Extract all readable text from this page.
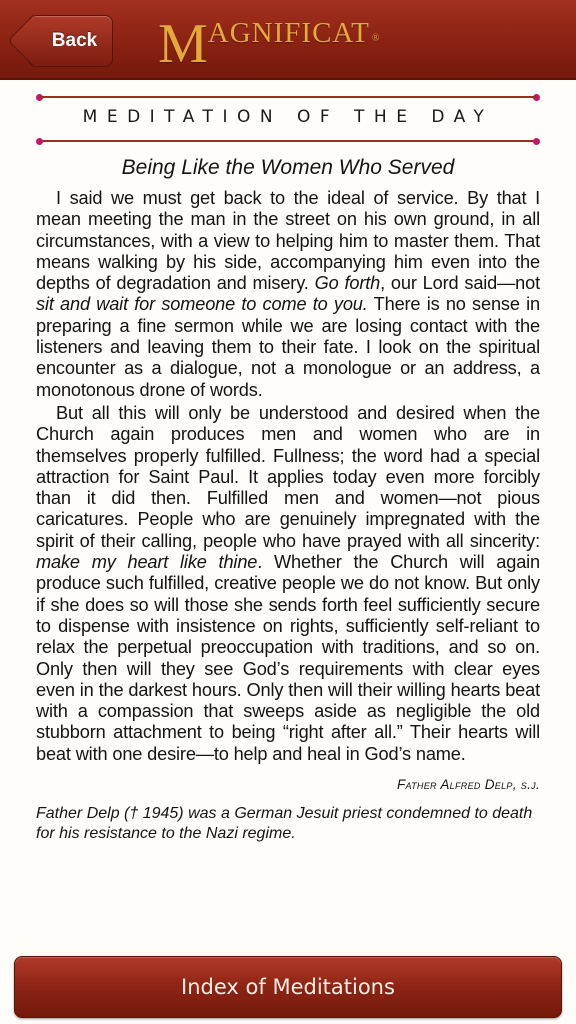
Back M AGNIFICAT ®
MEDITATION OF THE DAY
Being Like the Women Who Served

I said we must get back to the ideal of service. By that I mean meeting the man in the street on his own ground, in all circumstances, with a view to helping him to master them. That means walking by his side, accompanying him even into the depths of degradation and misery. Go forth, our Lord said—not sit and wait for someone to come to you. There is no sense in preparing a fine sermon while we are losing contact with the listeners and leaving them to their fate. I look on the spiritual encounter as a dialogue, not a monologue or an address, a monotonous drone of words.

But all this will only be understood and desired when the Church again produces men and women who are in themselves properly fulfilled. Fullness; the word had a special attraction for Saint Paul. It applies today even more forcibly than it did then. Fulfilled men and women—not pious caricatures. People who are genuinely impregnated with the spirit of their calling, people who have prayed with all sincerity: make my heart like thine. Whether the Church will again produce such fulfilled, creative people we do not know. But only if she does so will those she sends forth feel sufficiently secure to dispense with insistence on rights, sufficiently self-reliant to relax the perpetual preoccupation with traditions, and so on. Only then will they see God’s requirements with clear eyes even in the darkest hours. Only then will their willing hearts beat with a compassion that sweeps aside as negligible the old stubborn attachment to being “right after all.” Their hearts will beat with one desire—to help and heal in God’s name.

Father Alfred Delp, s.j.
Father Delp († 1945) was a German Jesuit priest condemned to death for his resistance to the Nazi regime.
Index of Meditations
